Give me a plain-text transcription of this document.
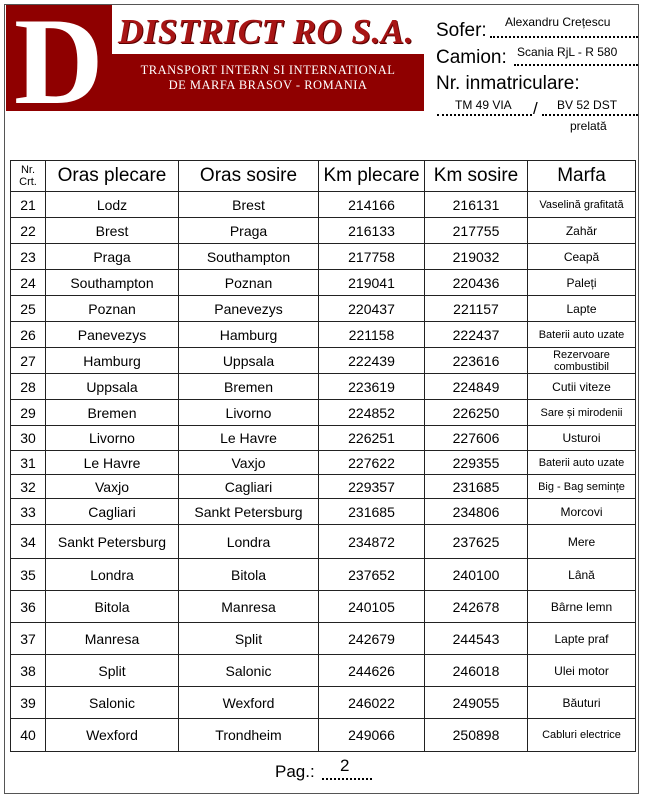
D DISTRICT RO S.A.
TRANSPORT INTERN SI INTERNATIONAL
DE MARFA BRASOV - ROMANIA
Sofer: Alexandru Crețescu
Camion: Scania RjL - R 580
Nr. inmatriculare:
TM 49 VIA / BV 52 DST
prelată
Nr. Crt.	Oras plecare	Oras sosire	Km plecare	Km sosire	Marfa
21	Lodz	Brest	214166	216131	Vaselină grafitată
22	Brest	Praga	216133	217755	Zahăr
23	Praga	Southampton	217758	219032	Ceapă
24	Southampton	Poznan	219041	220436	Paleți
25	Poznan	Panevezys	220437	221157	Lapte
26	Panevezys	Hamburg	221158	222437	Baterii auto uzate
27	Hamburg	Uppsala	222439	223616	Rezervoare combustibil
28	Uppsala	Bremen	223619	224849	Cutii viteze
29	Bremen	Livorno	224852	226250	Sare și mirodenii
30	Livorno	Le Havre	226251	227606	Usturoi
31	Le Havre	Vaxjo	227622	229355	Baterii auto uzate
32	Vaxjo	Cagliari	229357	231685	Big - Bag semințe
33	Cagliari	Sankt Petersburg	231685	234806	Morcovi
34	Sankt Petersburg	Londra	234872	237625	Mere
35	Londra	Bitola	237652	240100	Lână
36	Bitola	Manresa	240105	242678	Bârne lemn
37	Manresa	Split	242679	244543	Lapte praf
38	Split	Salonic	244626	246018	Ulei motor
39	Salonic	Wexford	246022	249055	Băuturi
40	Wexford	Trondheim	249066	250898	Cabluri electrice
Pag.: 2
